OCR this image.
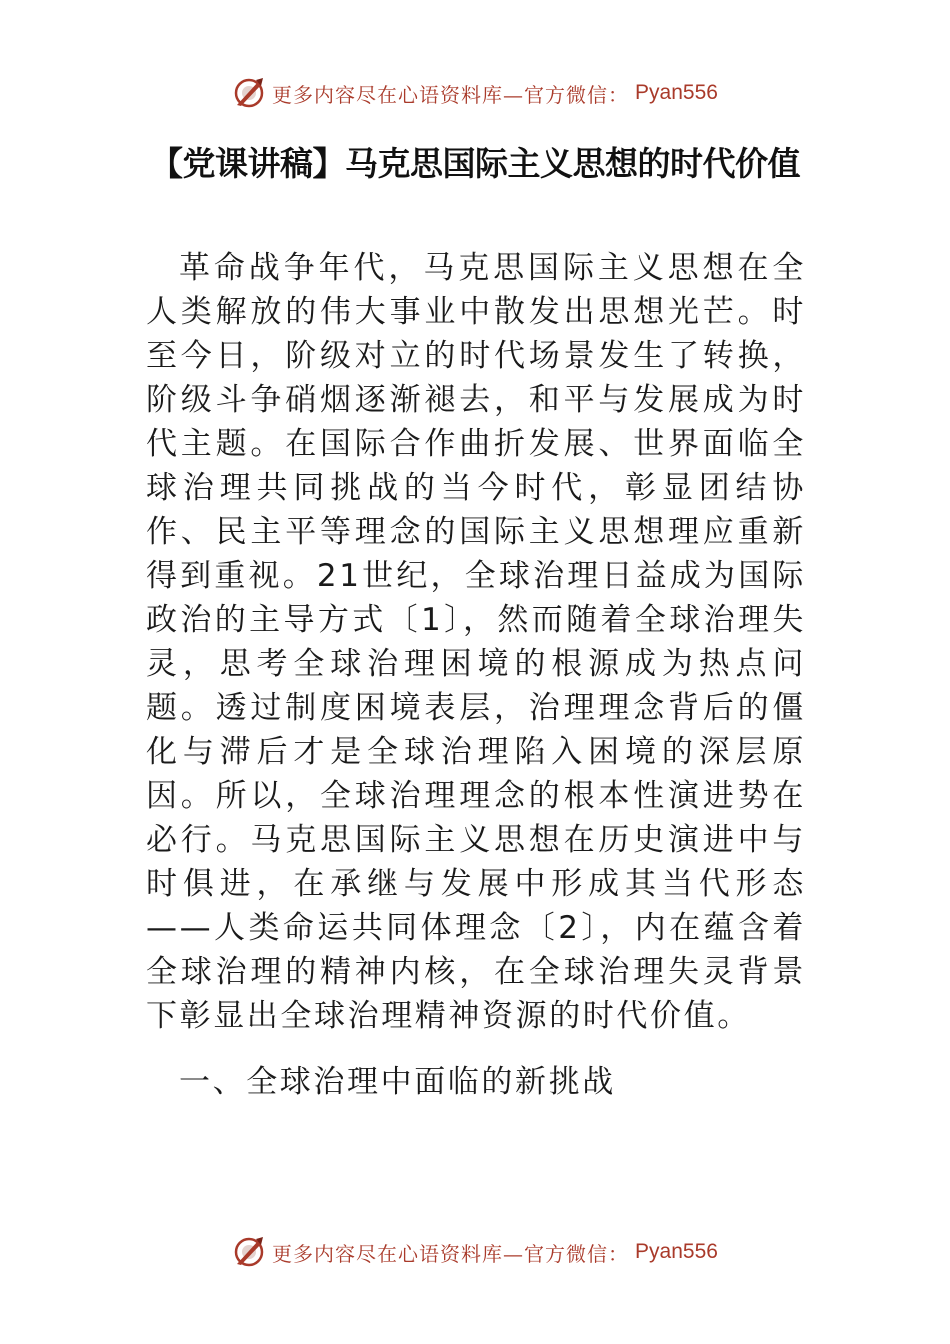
更多内容尽在心语资料库—官方微信： Pyan556
【党课讲稿】马克思国际主义思想的时代价值

革命战争年代，马克思国际主义思想在全人类解放的伟大事业中散发出思想光芒。时至今日，阶级对立的时代场景发生了转换，阶级斗争硝烟逐渐褪去，和平与发展成为时代主题。在国际合作曲折发展、世界面临全球治理共同挑战的当今时代，彰显团结协作、民主平等理念的国际主义思想理应重新得到重视。21世纪，全球治理日益成为国际政治的主导方式〔1〕，然而随着全球治理失灵，思考全球治理困境的根源成为热点问题。透过制度困境表层，治理理念背后的僵化与滞后才是全球治理陷入困境的深层原因。所以，全球治理理念的根本性演进势在必行。马克思国际主义思想在历史演进中与时俱进，在承继与发展中形成其当代形态——人类命运共同体理念〔2〕，内在蕴含着全球治理的精神内核，在全球治理失灵背景下彰显出全球治理精神资源的时代价值。

一、全球治理中面临的新挑战
更多内容尽在心语资料库—官方微信： Pyan556
